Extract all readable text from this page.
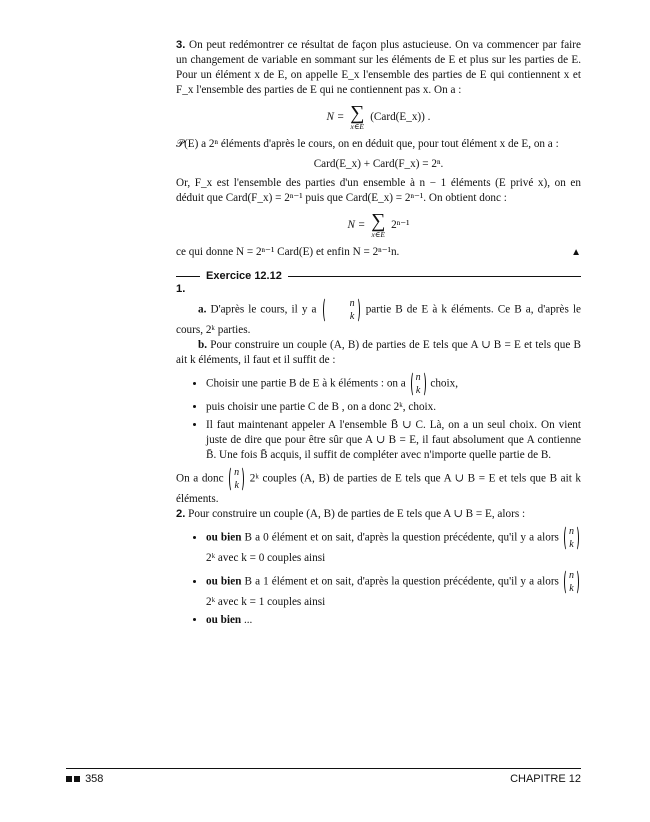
3. On peut redémontrer ce résultat de façon plus astucieuse. On va commencer par faire un changement de variable en sommant sur les éléments de E et plus sur les parties de E. Pour un élément x de E, on appelle E_x l'ensemble des parties de E qui contiennent x et F_x l'ensemble des parties de E qui ne contiennent pas x. On a :

N = ∑
x∈E
(Card(E_x)) .

𝒫(E) a 2ⁿ éléments d'après le cours, on en déduit que, pour tout élément x de E, on a :

Card(E_x) + Card(F_x) = 2ⁿ.

Or, F_x est l'ensemble des parties d'un ensemble à n − 1 éléments (E privé x), on en déduit que Card(F_x) = 2ⁿ⁻¹ puis que Card(E_x) = 2ⁿ⁻¹. On obtient donc :

N = ∑
x∈E
2ⁿ⁻¹

ce qui donne N = 2ⁿ⁻¹ Card(E) et enfin N = 2ⁿ⁻¹n.	▲

Exercice 12.12

1.

a. D'après le cours, il y a
n
k
partie B de E à k éléments. Ce B a, d'après le cours, 2ᵏ parties.

b. Pour construire un couple (A, B) de parties de E tels que A ∪ B = E et tels que B ait k éléments, il faut et il suffit de :

• Choisir une partie B de E à k éléments : on a
n
k
choix,
• puis choisir une partie C de B , on a donc 2ᵏ, choix.
• Il faut maintenant appeler A l'ensemble B̄ ∪ C. Là, on a un seul choix. On vient juste de dire que pour être sûr que A ∪ B = E, il faut absolument que A contienne B̄. Une fois B̄ acquis, il suffit de compléter avec n'importe quelle partie de B.

On a donc
n
k
2ᵏ couples (A, B) de parties de E tels que A ∪ B = E et tels que B ait k éléments.

2. Pour construire un couple (A, B) de parties de E tels que A ∪ B = E, alors :

• ou bien B a 0 élément et on sait, d'après la question précédente, qu'il y a alors
n
k
2ᵏ avec k = 0 couples ainsi
• ou bien B a 1 élément et on sait, d'après la question précédente, qu'il y a alors
n
k
2ᵏ avec k = 1 couples ainsi
• ou bien ...
358	CHAPITRE 12
